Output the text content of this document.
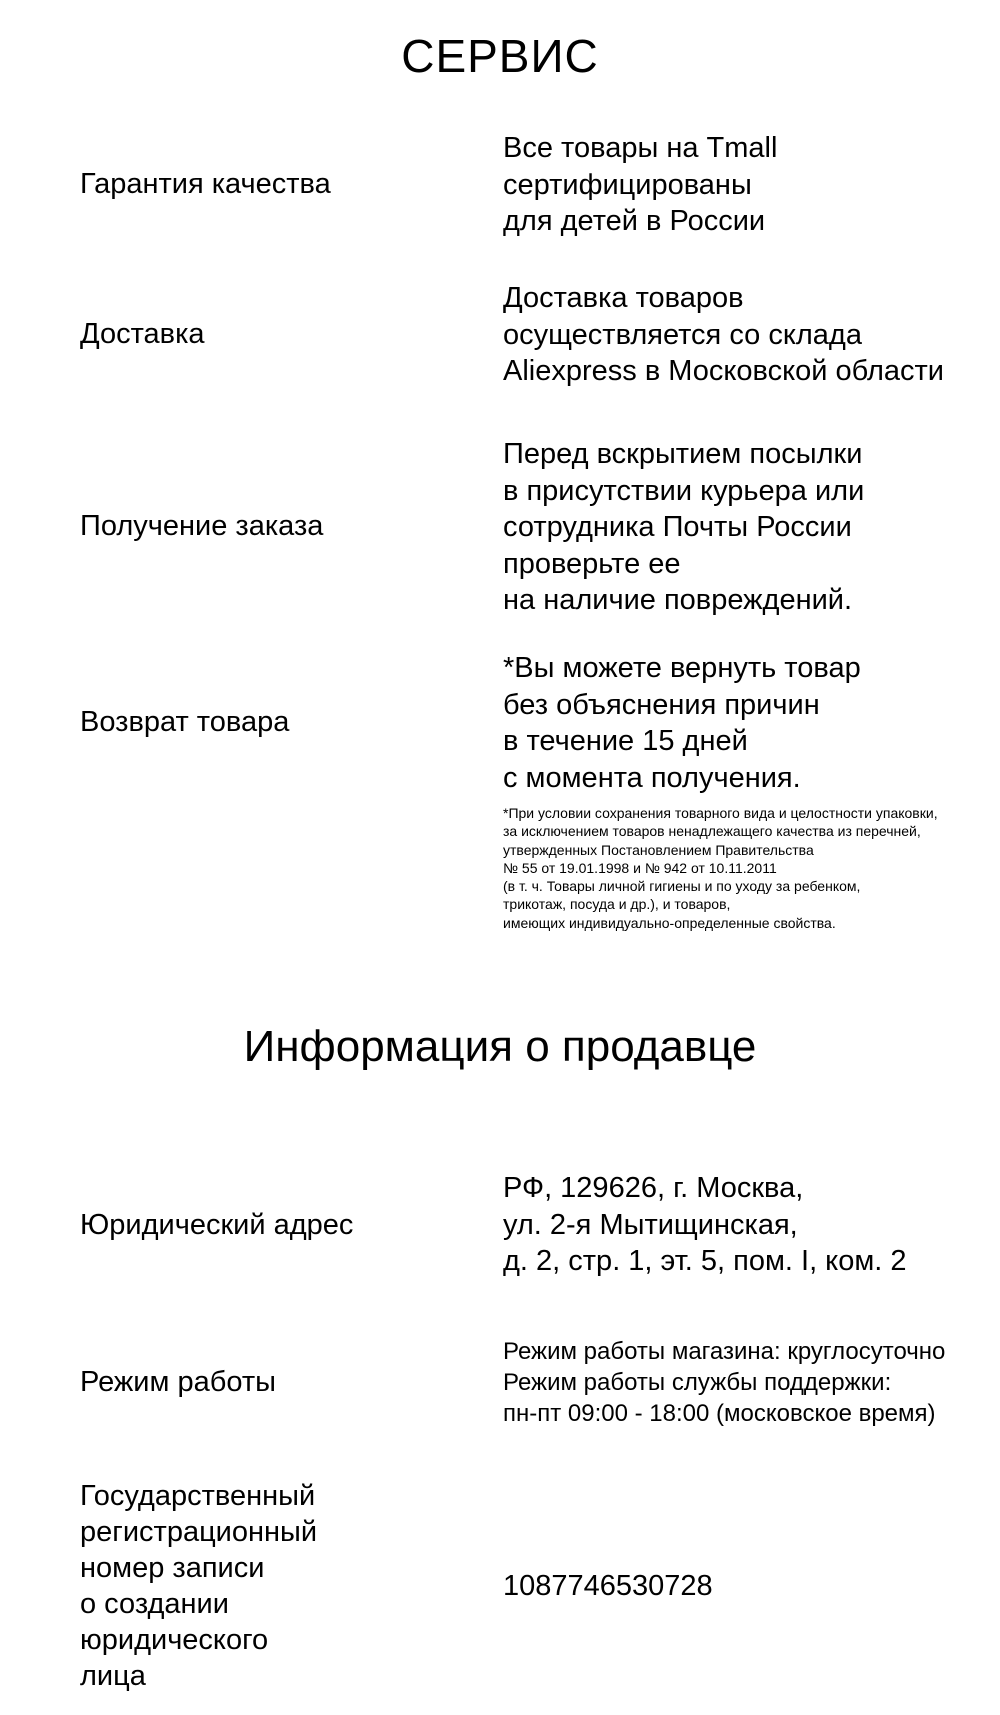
СЕРВИС

Гарантия качества

Все товары на Tmall
сертифицированы
для детей в России

Доставка

Доставка товаров
осуществляется со склада
Aliexpress в Московской области

Получение заказа

Перед вскрытием посылки
в присутствии курьера или
сотрудника Почты России
проверьте ее
на наличие повреждений.

Возврат товара

*Вы можете вернуть товар
без объяснения причин
в течение 15 дней
с момента получения.
*При условии сохранения товарного вида и целостности упаковки,
за исключением товаров ненадлежащего качества из перечней,
утвержденных Постановлением Правительства
№ 55 от 19.01.1998 и № 942 от 10.11.2011
(в т. ч. Товары личной гигиены и по уходу за ребенком,
трикотаж, посуда и др.), и товаров,
имеющих индивидуально-определенные свойства.
Информация о продавце

Юридический адрес

РФ, 129626, г. Москва,
ул. 2-я Мытищинская,
д. 2, стр. 1, эт. 5, пом. I, ком. 2

Режим работы

Режим работы магазина: круглосуточно
Режим работы службы поддержки:
пн-пт 09:00 - 18:00 (московское время)
Государственный
регистрационный
номер записи
о создании
юридического
лица

1087746530728
